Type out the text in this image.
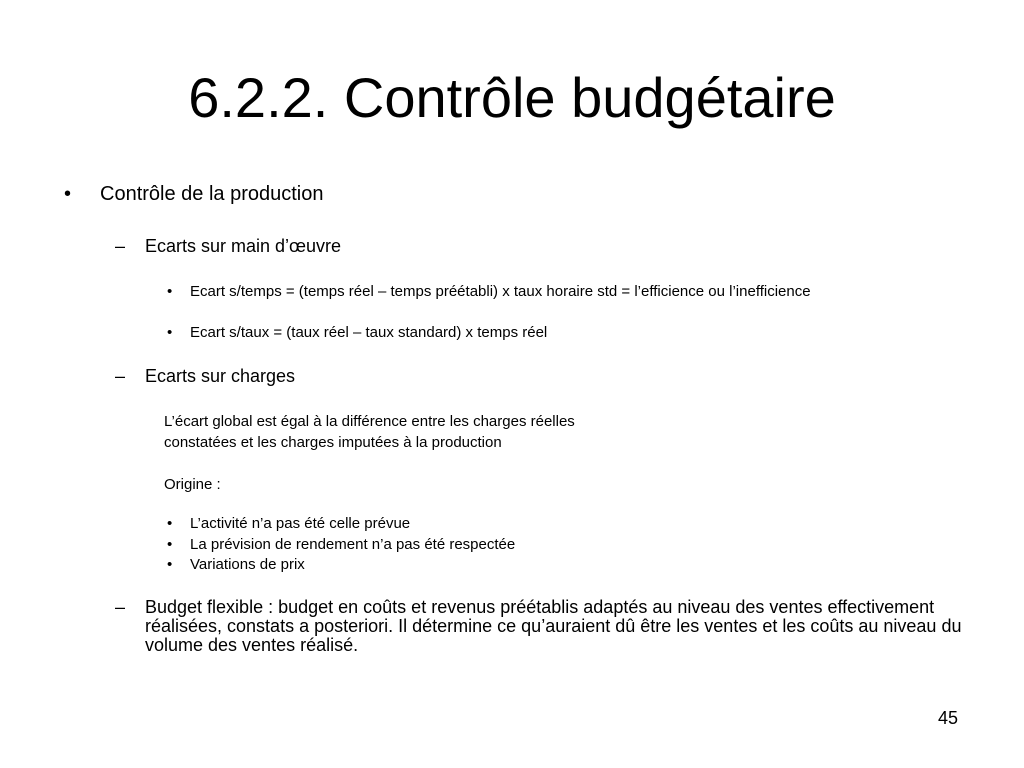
6.2.2. Contrôle budgétaire
• Contrôle de la production
– Ecarts sur main d’œuvre
• Ecart s/temps = (temps réel – temps préétabli) x taux horaire std = l’efficience ou l’inefficience
• Ecart s/taux = (taux réel – taux standard) x temps réel
– Ecarts sur charges
L’écart global est égal à la différence entre les charges réelles
constatées et les charges imputées à la production
Origine :
• L’activité n’a pas été celle prévue
• La prévision de rendement n’a pas été respectée
• Variations de prix
– Budget flexible : budget en coûts et revenus préétablis adaptés au niveau des ventes effectivement réalisées, constats a posteriori. Il détermine ce qu’auraient dû être les ventes et les coûts au niveau du volume des ventes réalisé.
45
